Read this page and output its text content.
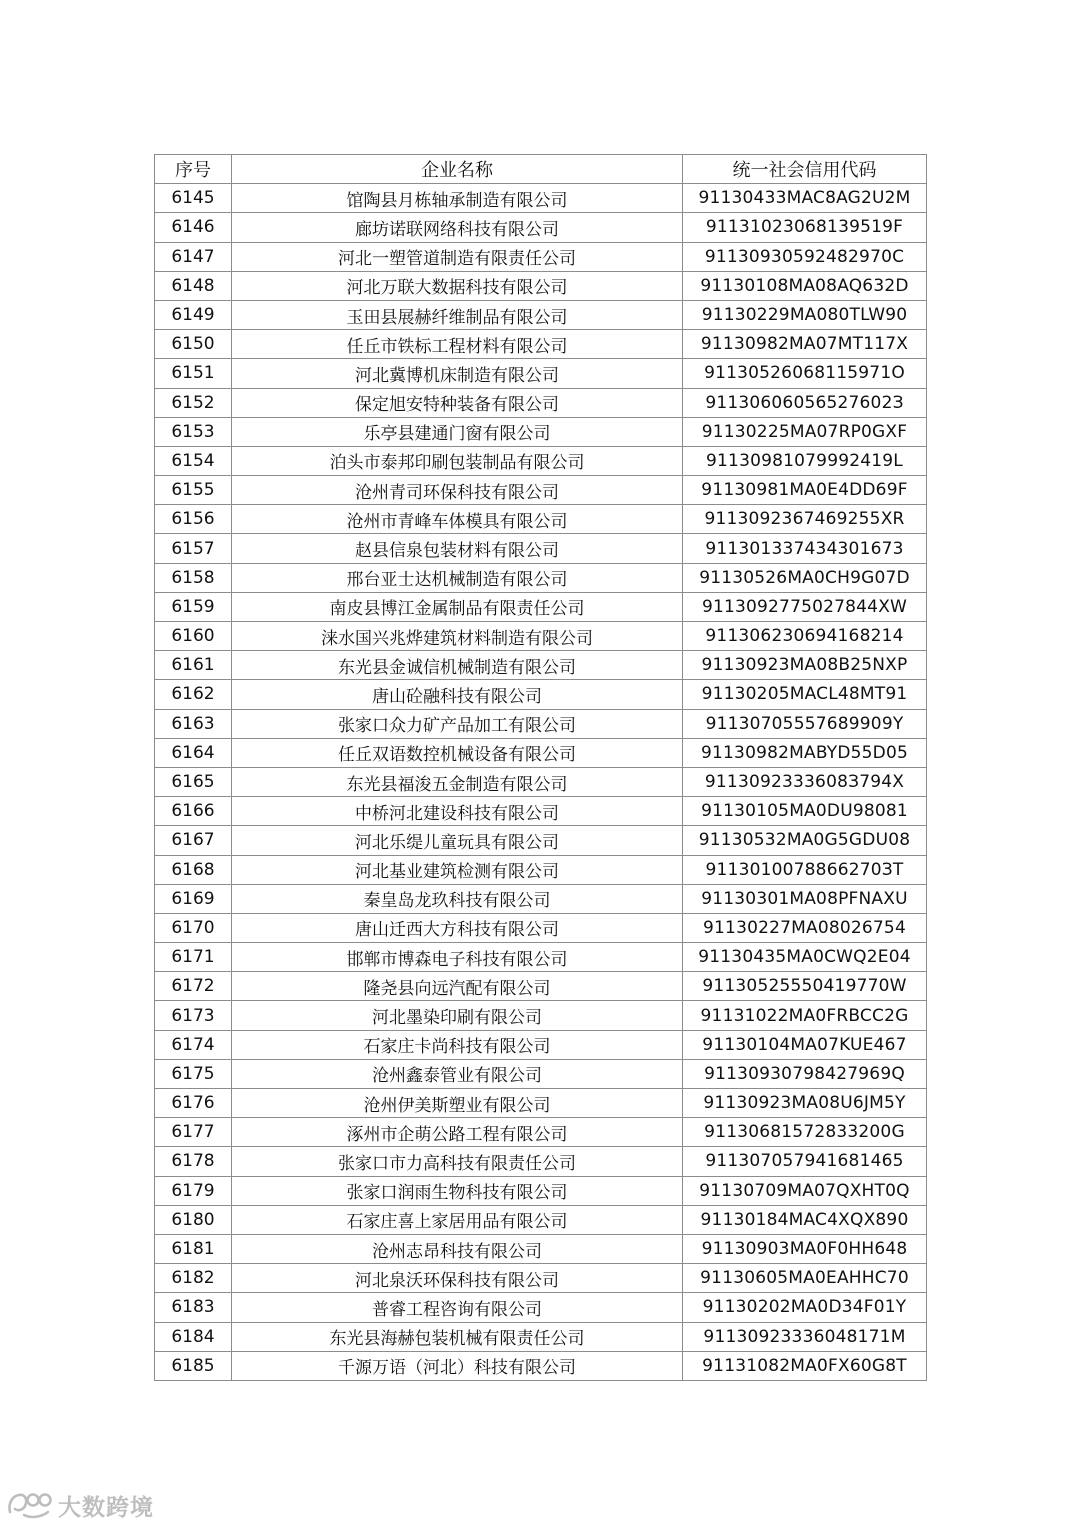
序号	企业名称	统一社会信用代码
6145	馆陶县月栋轴承制造有限公司	91130433MAC8AG2U2M
6146	廊坊诺联网络科技有限公司	91131023068139519F
6147	河北一塑管道制造有限责任公司	91130930592482970C
6148	河北万联大数据科技有限公司	91130108MA08AQ632D
6149	玉田县展赫纤维制品有限公司	91130229MA080TLW90
6150	任丘市铁标工程材料有限公司	91130982MA07MT117X
6151	河北冀博机床制造有限公司	91130526068115971O
6152	保定旭安特种装备有限公司	91130606056527602З
6153	乐亭县建通门窗有限公司	91130225MA07RP0GXF
6154	泊头市泰邦印刷包装制品有限公司	91130981079992419L
6155	沧州青司环保科技有限公司	91130981MA0E4DD69F
6156	沧州市青峰车体模具有限公司	9113092367469255XR
6157	赵县信泉包装材料有限公司	911301337434301673
6158	邢台亚士达机械制造有限公司	91130526MA0CH9G07D
6159	南皮县博江金属制品有限责任公司	9113092775027844XW
6160	涞水国兴兆烨建筑材料制造有限公司	911306230694168214
6161	东光县金诚信机械制造有限公司	91130923MA08B25NXP
6162	唐山砼融科技有限公司	91130205MACL48MT91
6163	张家口众力矿产品加工有限公司	91130705557689909Y
6164	任丘双语数控机械设备有限公司	91130982MABYD55D05
6165	东光县福浚五金制造有限公司	9113092333608З794X
6166	中桥河北建设科技有限公司	91130105MA0DU98081
6167	河北乐缇儿童玩具有限公司	91130532MA0G5GDU08
6168	河北基业建筑检测有限公司	9113010078866270ЗT
6169	秦皇岛龙玖科技有限公司	91130301MA08PFNAXU
6170	唐山迁西大方科技有限公司	91130227MA08026754
6171	邯郸市博森电子科技有限公司	91130435MA0CWQ2E04
6172	隆尧县向远汽配有限公司	91130525550419770W
6173	河北墨染印刷有限公司	91131022MA0FRBCC2G
6174	石家庄卡尚科技有限公司	91130104MA07KUE467
6175	沧州鑫泰管业有限公司	91130930798427969Q
6176	沧州伊美斯塑业有限公司	91130923MA08U6JM5Y
6177	涿州市企萌公路工程有限公司	91130681572833200G
6178	张家口市力高科技有限责任公司	911307057941681465
6179	张家口润雨生物科技有限公司	91130709MA07QXHT0Q
6180	石家庄喜上家居用品有限公司	91130184MAC4XQX890
6181	沧州志昂科技有限公司	91130903MA0F0HH648
6182	河北泉沃环保科技有限公司	91130605MA0EAHHC70
6183	普睿工程咨询有限公司	91130202MA0D34F01Y
6184	东光县海赫包装机械有限责任公司	91130923336048171M
6185	千源万语（河北）科技有限公司	91131082MA0FX60G8T
大数跨境
